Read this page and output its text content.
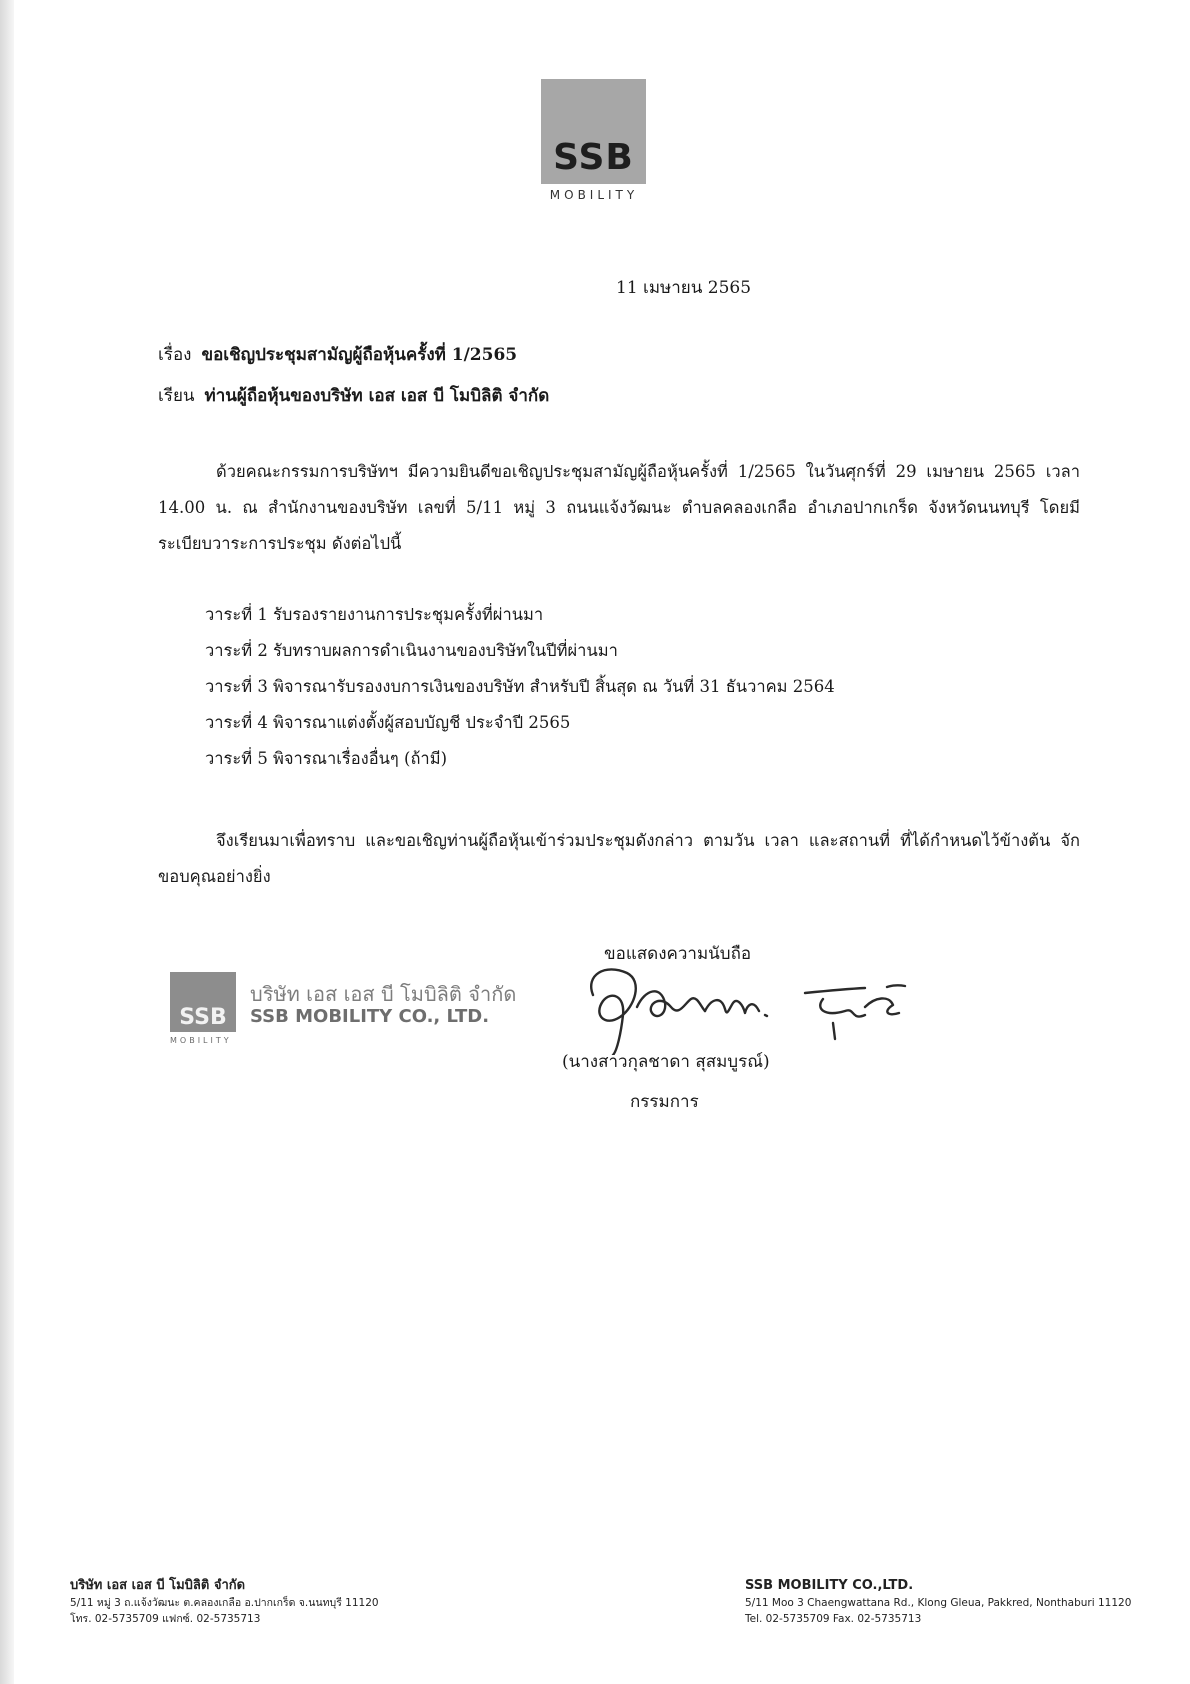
SSB
MOBILITY
11 เมษายน 2565
เรื่อง ขอเชิญประชุมสามัญผู้ถือหุ้นครั้งที่ 1/2565
เรียน ท่านผู้ถือหุ้นของบริษัท เอส เอส บี โมบิลิติ จำกัด

ด้วยคณะกรรมการบริษัทฯ มีความยินดีขอเชิญประชุมสามัญผู้ถือหุ้นครั้งที่ 1/2565 ในวันศุกร์ที่ 29 เมษายน 2565 เวลา 14.00 น. ณ สำนักงานของบริษัท เลขที่ 5/11 หมู่ 3 ถนนแจ้งวัฒนะ ตำบลคลองเกลือ อำเภอปากเกร็ด จังหวัดนนทบุรี โดยมีระเบียบวาระการประชุม ดังต่อไปนี้

วาระที่ 1 รับรองรายงานการประชุมครั้งที่ผ่านมา
วาระที่ 2 รับทราบผลการดำเนินงานของบริษัทในปีที่ผ่านมา
วาระที่ 3 พิจารณารับรองงบการเงินของบริษัท สำหรับปี สิ้นสุด ณ วันที่ 31 ธันวาคม 2564
วาระที่ 4 พิจารณาแต่งตั้งผู้สอบบัญชี ประจำปี 2565
วาระที่ 5 พิจารณาเรื่องอื่นๆ (ถ้ามี)

จึงเรียนมาเพื่อทราบ และขอเชิญท่านผู้ถือหุ้นเข้าร่วมประชุมดังกล่าว ตามวัน เวลา และสถานที่ ที่ได้กำหนดไว้ข้างต้น จักขอบคุณอย่างยิ่ง

ขอแสดงความนับถือ
SSB
MOBILITY
บริษัท เอส เอส บี โมบิลิติ จำกัด
SSB MOBILITY CO., LTD.
(นางสาวกุลชาดา สุสมบูรณ์)
กรรมการ
บริษัท เอส เอส บี โมบิลิติ จำกัด
5/11 หมู่ 3 ถ.แจ้งวัฒนะ ต.คลองเกลือ อ.ปากเกร็ด จ.นนทบุรี 11120
โทร. 02-5735709 แฟกซ์. 02-5735713
SSB MOBILITY CO.,LTD.
5/11 Moo 3 Chaengwattana Rd., Klong Gleua, Pakkred, Nonthaburi 11120
Tel. 02-5735709 Fax. 02-5735713
